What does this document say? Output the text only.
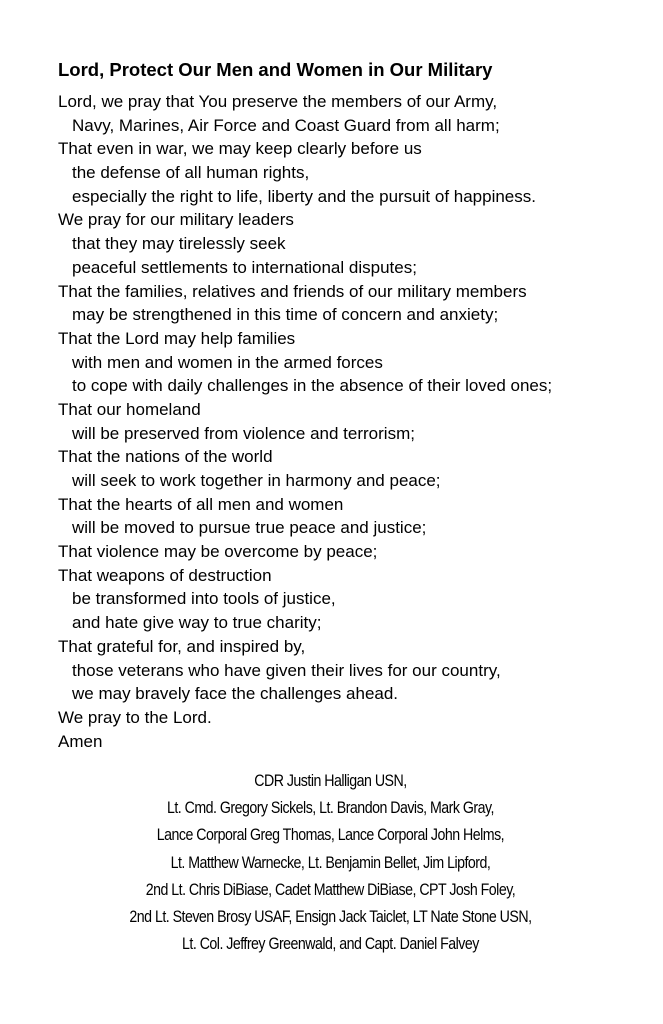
Lord, Protect Our Men and Women in Our Military
Lord, we pray that You preserve the members of our Army,
Navy, Marines, Air Force and Coast Guard from all harm;
That even in war, we may keep clearly before us
the defense of all human rights,
especially the right to life, liberty and the pursuit of happiness.
We pray for our military leaders
that they may tirelessly seek
peaceful settlements to international disputes;
That the families, relatives and friends of our military members
may be strengthened in this time of concern and anxiety;
That the Lord may help families
with men and women in the armed forces
to cope with daily challenges in the absence of their loved ones;
That our homeland
will be preserved from violence and terrorism;
That the nations of the world
will seek to work together in harmony and peace;
That the hearts of all men and women
will be moved to pursue true peace and justice;
That violence may be overcome by peace;
That weapons of destruction
be transformed into tools of justice,
and hate give way to true charity;
That grateful for, and inspired by,
those veterans who have given their lives for our country,
we may bravely face the challenges ahead.
We pray to the Lord.
Amen
CDR Justin Halligan USN,
Lt. Cmd. Gregory Sickels, Lt. Brandon Davis, Mark Gray,
Lance Corporal Greg Thomas, Lance Corporal John Helms,
Lt. Matthew Warnecke, Lt. Benjamin Bellet, Jim Lipford,
2nd Lt. Chris DiBiase, Cadet Matthew DiBiase, CPT Josh Foley,
2nd Lt. Steven Brosy USAF, Ensign Jack Taiclet, LT Nate Stone USN,
Lt. Col. Jeffrey Greenwald, and Capt. Daniel Falvey
